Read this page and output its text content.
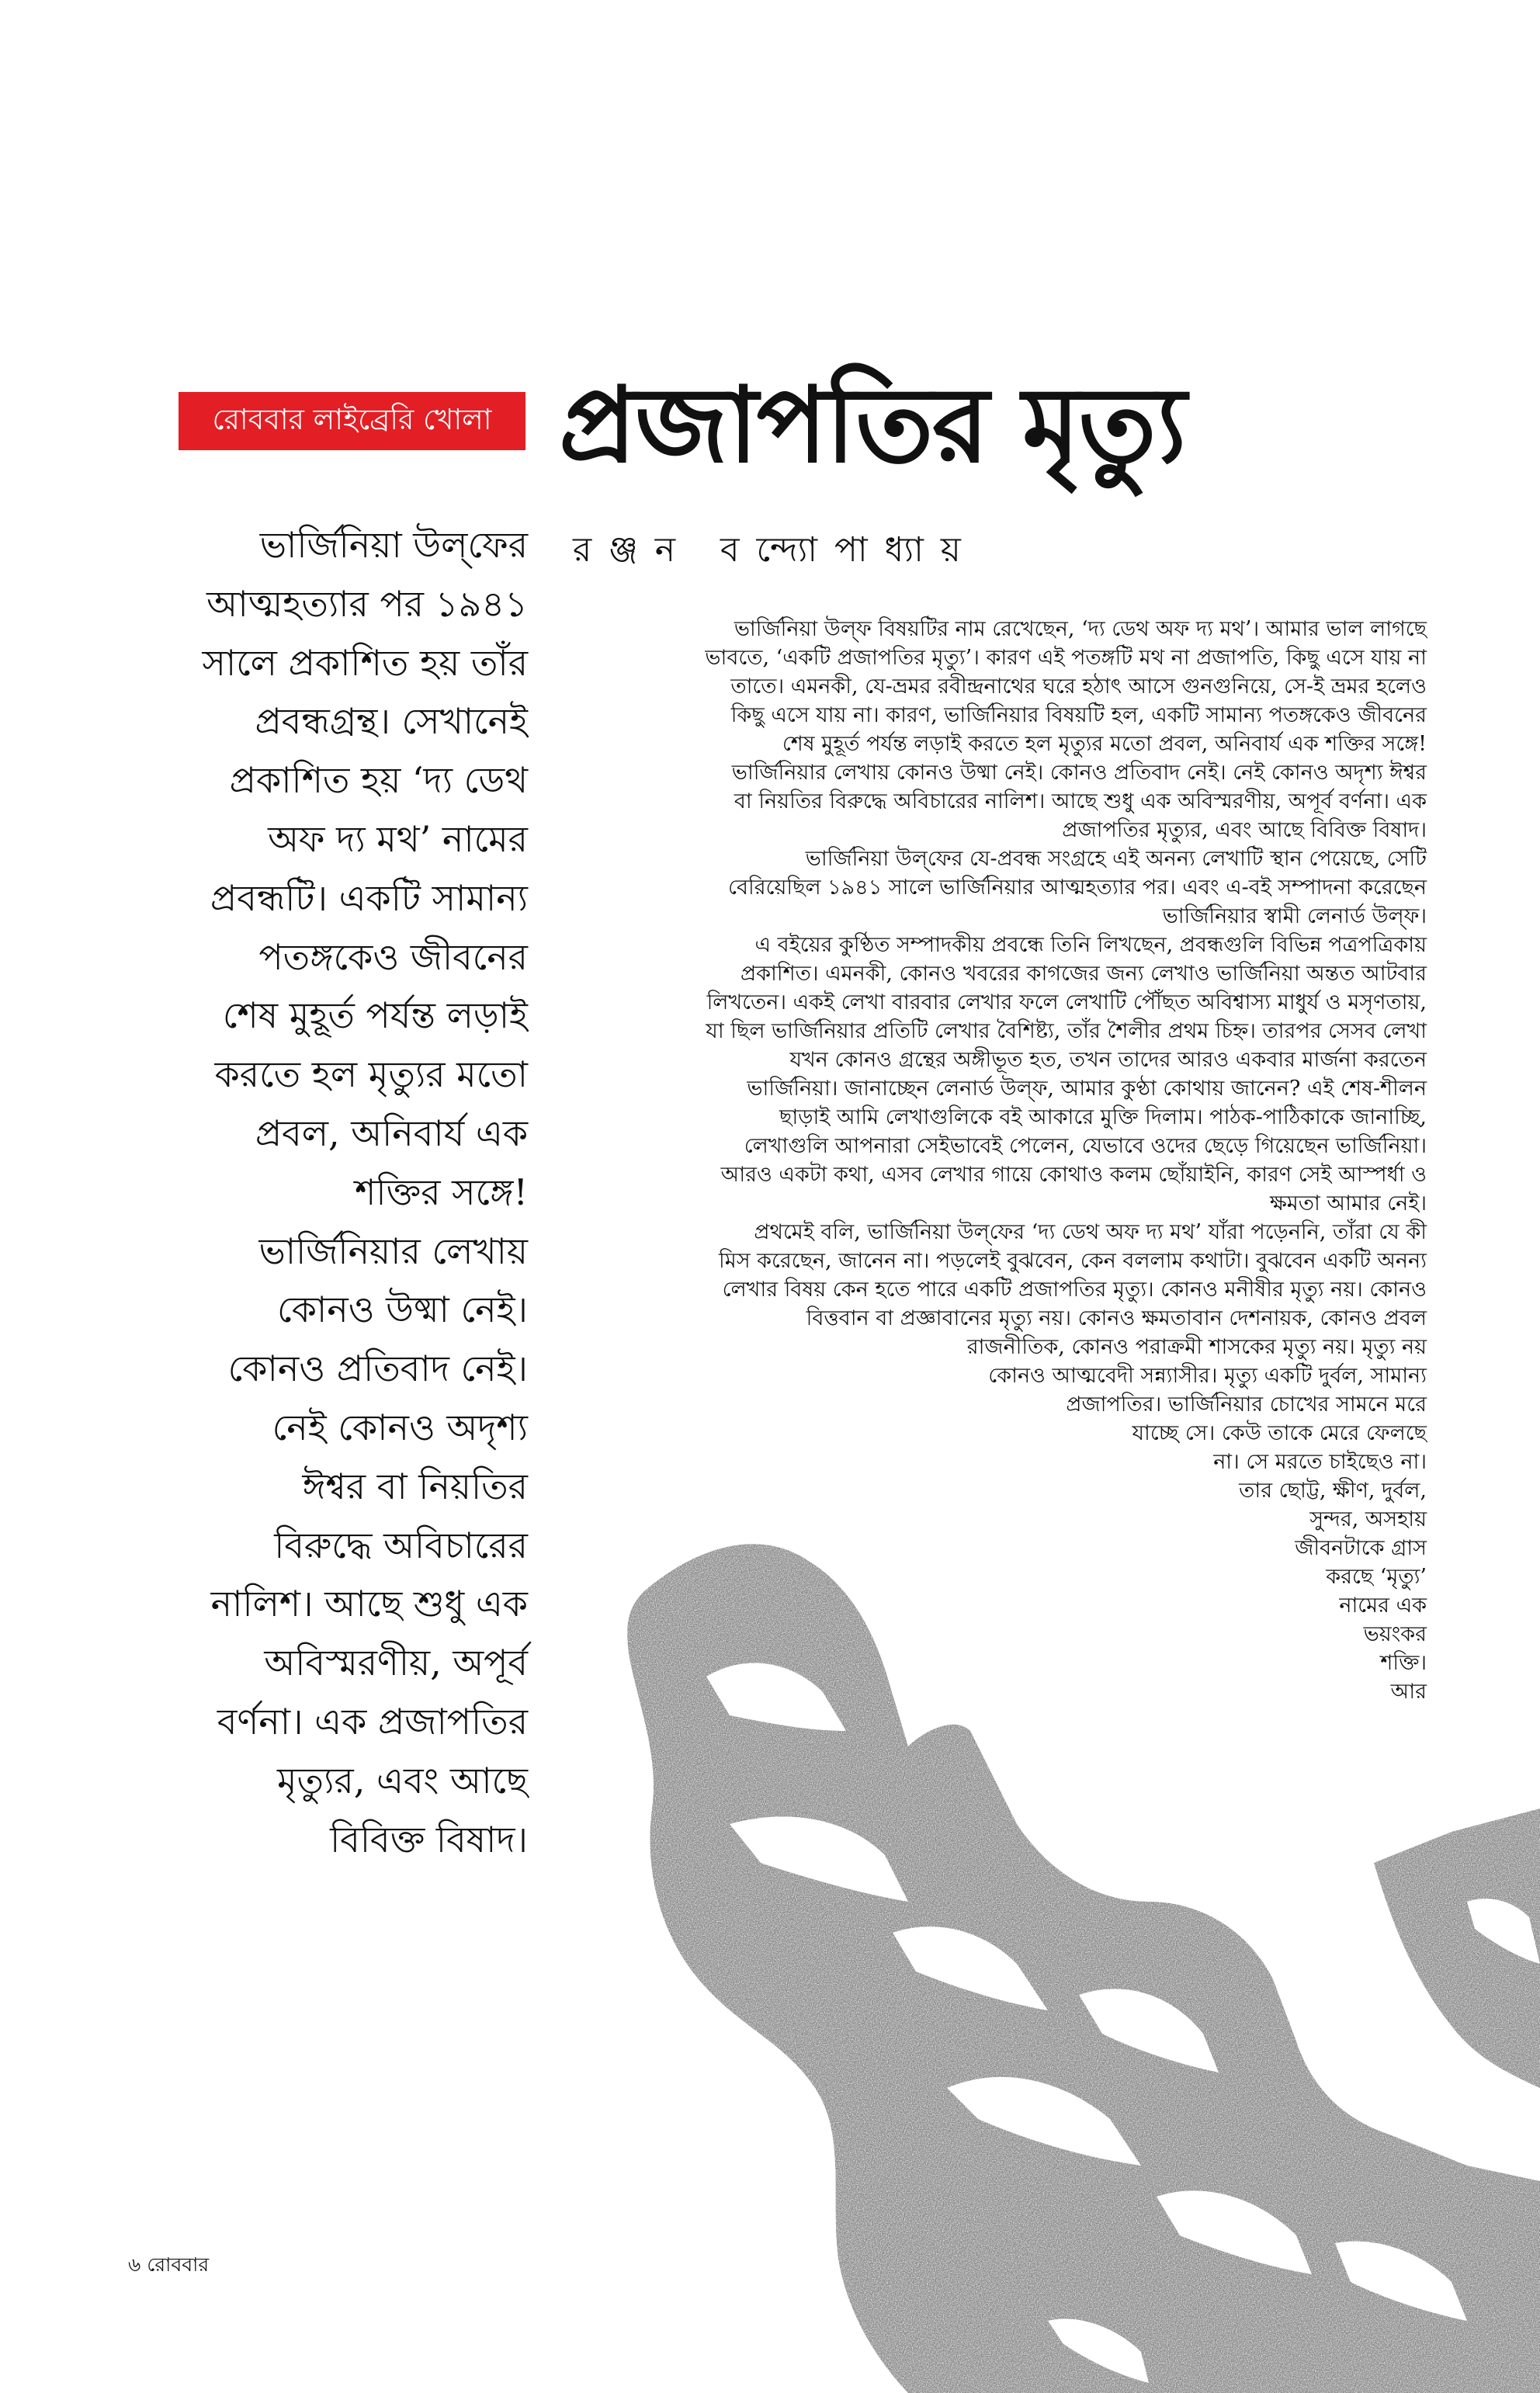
রোববার লাইব্রেরি খোলা প্রজাপতির মৃত্যু
রঞ্জন বন্দ্যোপাধ্যায়
ভার্জিনিয়া উল্‌ফের
আত্মহত্যার পর ১৯৪১
সালে প্রকাশিত হয় তাঁর
প্রবন্ধগ্রন্থ। সেখানেই
প্রকাশিত হয় ‘দ্য ডেথ
অফ দ্য মথ’ নামের
প্রবন্ধটি। একটি সামান্য
পতঙ্গকেও জীবনের
শেষ মুহূর্ত পর্যন্ত লড়াই
করতে হল মৃত্যুর মতো
প্রবল, অনিবার্য এক
শক্তির সঙ্গে!
ভার্জিনিয়ার লেখায়
কোনও উষ্মা নেই।
কোনও প্রতিবাদ নেই।
নেই কোনও অদৃশ্য
ঈশ্বর বা নিয়তির
বিরুদ্ধে অবিচারের
নালিশ। আছে শুধু এক
অবিস্মরণীয়, অপূর্ব
বর্ণনা। এক প্রজাপতির
মৃত্যুর, এবং আছে
বিবিক্ত বিষাদ।
ভার্জিনিয়া উল্‌ফ বিষয়টির নাম রেখেছেন, ‘দ্য ডেথ অফ দ্য মথ’। আমার ভাল লাগছে
ভাবতে, ‘একটি প্রজাপতির মৃত্যু’। কারণ এই পতঙ্গটি মথ না প্রজাপতি, কিছু এসে যায় না
তাতে। এমনকী, যে-ভ্রমর রবীন্দ্রনাথের ঘরে হঠাৎ আসে গুনগুনিয়ে, সে-ই ভ্রমর হলেও
কিছু এসে যায় না। কারণ, ভার্জিনিয়ার বিষয়টি হল, একটি সামান্য পতঙ্গকেও জীবনের
শেষ মুহূর্ত পর্যন্ত লড়াই করতে হল মৃত্যুর মতো প্রবল, অনিবার্য এক শক্তির সঙ্গে!
ভার্জিনিয়ার লেখায় কোনও উষ্মা নেই। কোনও প্রতিবাদ নেই। নেই কোনও অদৃশ্য ঈশ্বর
বা নিয়তির বিরুদ্ধে অবিচারের নালিশ। আছে শুধু এক অবিস্মরণীয়, অপূর্ব বর্ণনা। এক
প্রজাপতির মৃত্যুর, এবং আছে বিবিক্ত বিষাদ।
ভার্জিনিয়া উল্‌ফের যে-প্রবন্ধ সংগ্রহে এই অনন্য লেখাটি স্থান পেয়েছে, সেটি
বেরিয়েছিল ১৯৪১ সালে ভার্জিনিয়ার আত্মহত্যার পর। এবং এ-বই সম্পাদনা করেছেন
ভার্জিনিয়ার স্বামী লেনার্ড উল্‌ফ।
এ বইয়ের কুণ্ঠিত সম্পাদকীয় প্রবন্ধে তিনি লিখছেন, প্রবন্ধগুলি বিভিন্ন পত্রপত্রিকায়
প্রকাশিত। এমনকী, কোনও খবরের কাগজের জন্য লেখাও ভার্জিনিয়া অন্তত আটবার
লিখতেন। একই লেখা বারবার লেখার ফলে লেখাটি পৌঁছত অবিশ্বাস্য মাধুর্য ও মসৃণতায়,
যা ছিল ভার্জিনিয়ার প্রতিটি লেখার বৈশিষ্ট্য, তাঁর শৈলীর প্রথম চিহ্ন। তারপর সেসব লেখা
যখন কোনও গ্রন্থের অঙ্গীভূত হত, তখন তাদের আরও একবার মার্জনা করতেন
ভার্জিনিয়া। জানাচ্ছেন লেনার্ড উল্‌ফ, আমার কুণ্ঠা কোথায় জানেন? এই শেষ-শীলন
ছাড়াই আমি লেখাগুলিকে বই আকারে মুক্তি দিলাম। পাঠক-পাঠিকাকে জানাচ্ছি,
লেখাগুলি আপনারা সেইভাবেই পেলেন, যেভাবে ওদের ছেড়ে গিয়েছেন ভার্জিনিয়া।
আরও একটা কথা, এসব লেখার গায়ে কোথাও কলম ছোঁয়াইনি, কারণ সেই আস্পর্ধা ও
ক্ষমতা আমার নেই।
প্রথমেই বলি, ভার্জিনিয়া উল্‌ফের ‘দ্য ডেথ অফ দ্য মথ’ যাঁরা পড়েননি, তাঁরা যে কী
মিস করেছেন, জানেন না। পড়লেই বুঝবেন, কেন বললাম কথাটা। বুঝবেন একটি অনন্য
লেখার বিষয় কেন হতে পারে একটি প্রজাপতির মৃত্যু। কোনও মনীষীর মৃত্যু নয়। কোনও
বিত্তবান বা প্রজ্ঞাবানের মৃত্যু নয়। কোনও ক্ষমতাবান দেশনায়ক, কোনও প্রবল
রাজনীতিক, কোনও পরাক্রমী শাসকের মৃত্যু নয়। মৃত্যু নয়
কোনও আত্মবেদী সন্ন্যাসীর। মৃত্যু একটি দুর্বল, সামান্য
প্রজাপতির। ভার্জিনিয়ার চোখের সামনে মরে
যাচ্ছে সে। কেউ তাকে মেরে ফেলছে
না। সে মরতে চাইছেও না।
তার ছোট্ট, ক্ষীণ, দুর্বল,
সুন্দর, অসহায়
জীবনটাকে গ্রাস
করছে ‘মৃত্যু’
নামের এক
ভয়ংকর
শক্তি।
আর
৬ রোববার
